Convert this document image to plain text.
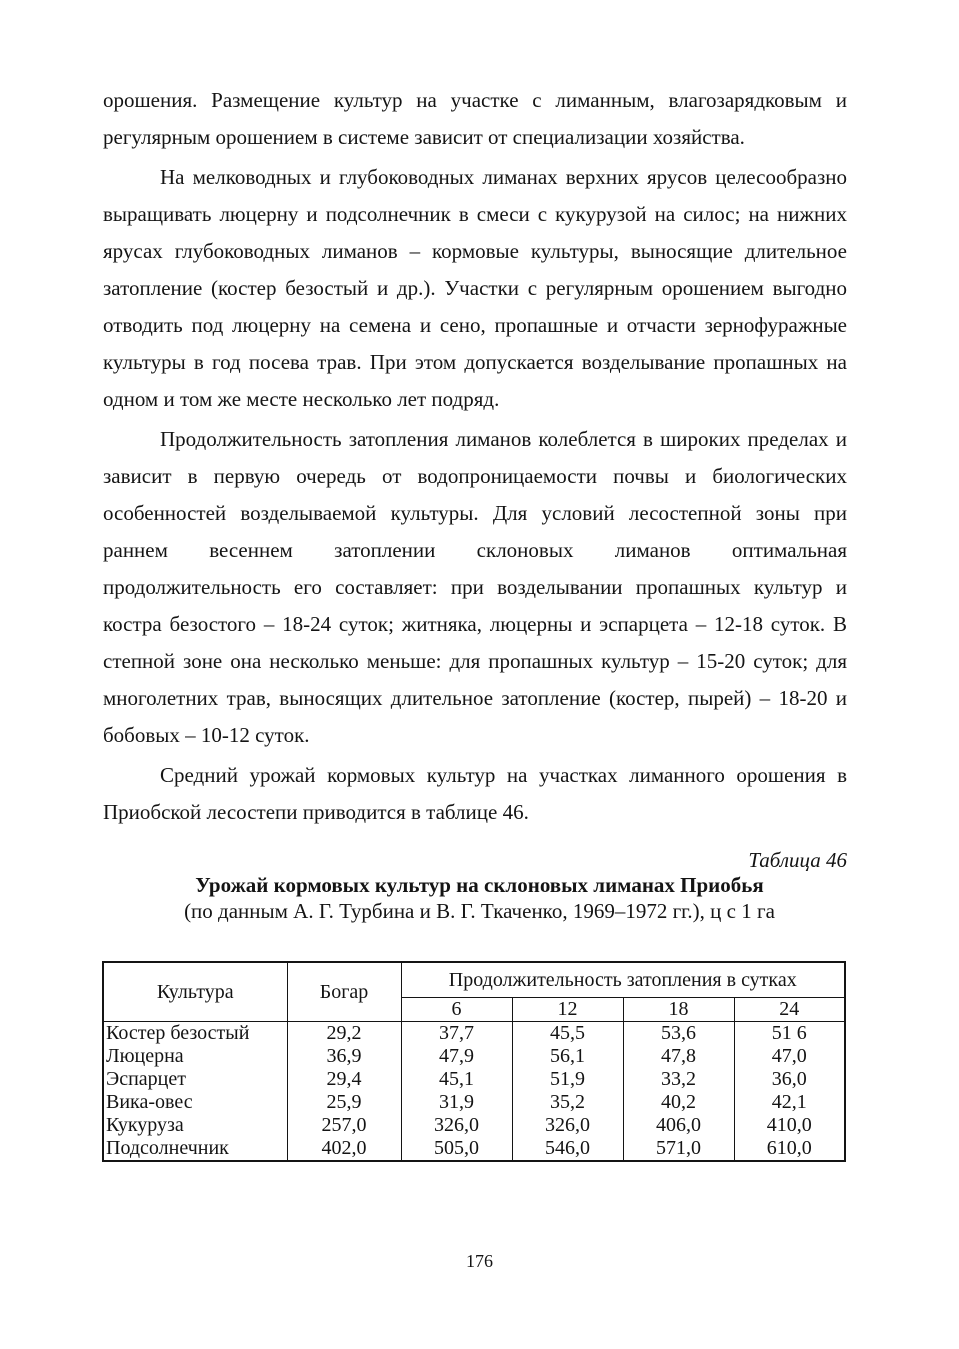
орошения. Размещение культур на участке с лиманным, влагозарядковым и регулярным орошением в системе зависит от специализации хозяйства.

На мелководных и глубоководных лиманах верхних ярусов целесообразно выращивать люцерну и подсолнечник в смеси с кукурузой на силос; на нижних ярусах глубоководных лиманов – кормовые культуры, выносящие длительное затопление (костер безостый и др.). Участки с регулярным орошением выгодно отводить под люцерну на семена и сено, пропашные и отчасти зернофуражные культуры в год посева трав. При этом допускается возделывание пропашных на одном и том же месте несколько лет подряд.

Продолжительность затопления лиманов колеблется в широких пределах и зависит в первую очередь от водопроницаемости почвы и биологических особенностей возделываемой культуры. Для условий лесостепной зоны при раннем весеннем затоплении склоновых лиманов оптимальная продолжительность его составляет: при возделывании пропашных культур и костра безостого – 18-24 суток; житняка, люцерны и эспарцета – 12-18 суток. В степной зоне она несколько меньше: для пропашных культур – 15-20 суток; для многолетних трав, выносящих длительное затопление (костер, пырей) – 18-20 и бобовых – 10-12 суток.

Средний урожай кормовых культур на участках лиманного орошения в Приобской лесостепи приводится в таблице 46.

Таблица 46
Урожай кормовых культур на склоновых лиманах Приобья
(по данным А. Г. Турбина и В. Г. Ткаченко, 1969–1972 гг.), ц с 1 га
Культура	Богар	Продолжительность затопления в сутках			
		6	12	18	24
Костер безостый	29,2	37,7	45,5	53,6	51 6
Люцерна	36,9	47,9	56,1	47,8	47,0
Эспарцет	29,4	45,1	51,9	33,2	36,0
Вика-овес	25,9	31,9	35,2	40,2	42,1
Кукуруза	257,0	326,0	326,0	406,0	410,0
Подсолнечник	402,0	505,0	546,0	571,0	610,0
176
